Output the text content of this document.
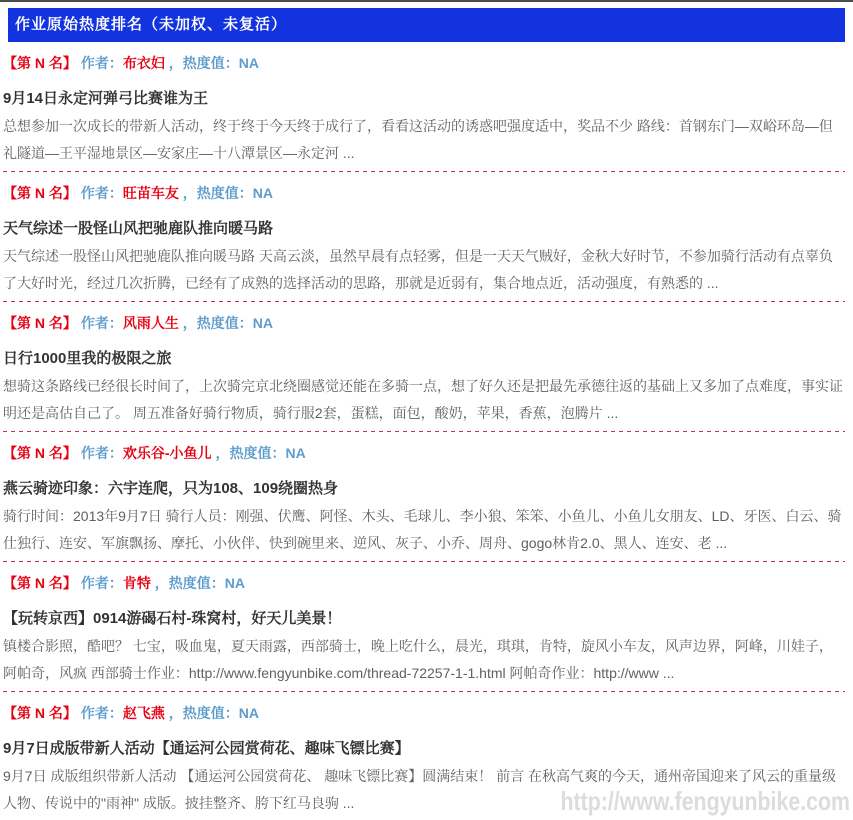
作业原始热度排名（未加权、未复活）
【第 N 名】 作者：布衣妇 ，热度值：NA
9月14日永定河弹弓比赛谁为王
总想参加一次成长的带新人活动，终于终于今天终于成行了，看看这活动的诱惑吧强度适中，奖品不少 路线：首钢东门—双峪环岛—但礼隧道—王平湿地景区—安家庄—十八潭景区—永定河 ...
【第 N 名】 作者：旺苗车友 ，热度值：NA
天气综述一股怪山风把驰鹿队推向暖马路
天气综述一股怪山风把驰鹿队推向暖马路 天高云淡，虽然早晨有点轻雾，但是一天天气贼好，金秋大好时节，不参加骑行活动有点辜负了大好时光，经过几次折腾，已经有了成熟的选择活动的思路，那就是近弱有，集合地点近，活动强度，有熟悉的 ...
【第 N 名】 作者：风雨人生 ，热度值：NA
日行1000里我的极限之旅
想骑这条路线已经很长时间了，上次骑完京北绕圈感觉还能在多骑一点，想了好久还是把最先承德往返的基础上又多加了点难度，事实证明还是高估自己了。 周五准备好骑行物质，骑行服2套，蛋糕，面包，酸奶，苹果，香蕉，泡腾片 ...
【第 N 名】 作者：欢乐谷-小鱼儿 ，热度值：NA
燕云骑迹印象：六宇连爬，只为108、109绕圈热身
骑行时间：2013年9月7日 骑行人员：刚强、伏鹰、阿怪、木头、毛球儿、李小狼、笨笨、小鱼儿、小鱼儿女朋友、LD、牙医、白云、骑仕独行、连安、军旗飘扬、摩托、小伙伴、快到碗里来、逆风、灰子、小乔、周舟、gogo林肯2.0、黑人、连安、老 ...
【第 N 名】 作者：肯特 ，热度值：NA
【玩转京西】0914游碣石村-珠窝村，好天儿美景！
镇楼合影照，酷吧？ 七宝，吸血鬼，夏天雨露，西部骑士，晚上吃什么，晨光，琪琪，肯特，旋风小车友，风声边界，阿峰，川娃子，阿帕奇，风疯 西部骑士作业：http://www.fengyunbike.com/thread-72257-1-1.html 阿帕奇作业：http://www ...
【第 N 名】 作者：赵飞燕 ，热度值：NA
9月7日成版带新人活动【通运河公园赏荷花、趣味飞镖比赛】
9月7日 成版组织带新人活动 【通运河公园赏荷花、 趣味飞镖比赛】圆满结束！ 前言 在秋高气爽的今天，通州帝国迎来了风云的重量级人物、传说中的"雨神" 成版。披挂整齐、胯下红马良驹 ...	http://www.fengyunbike.com
